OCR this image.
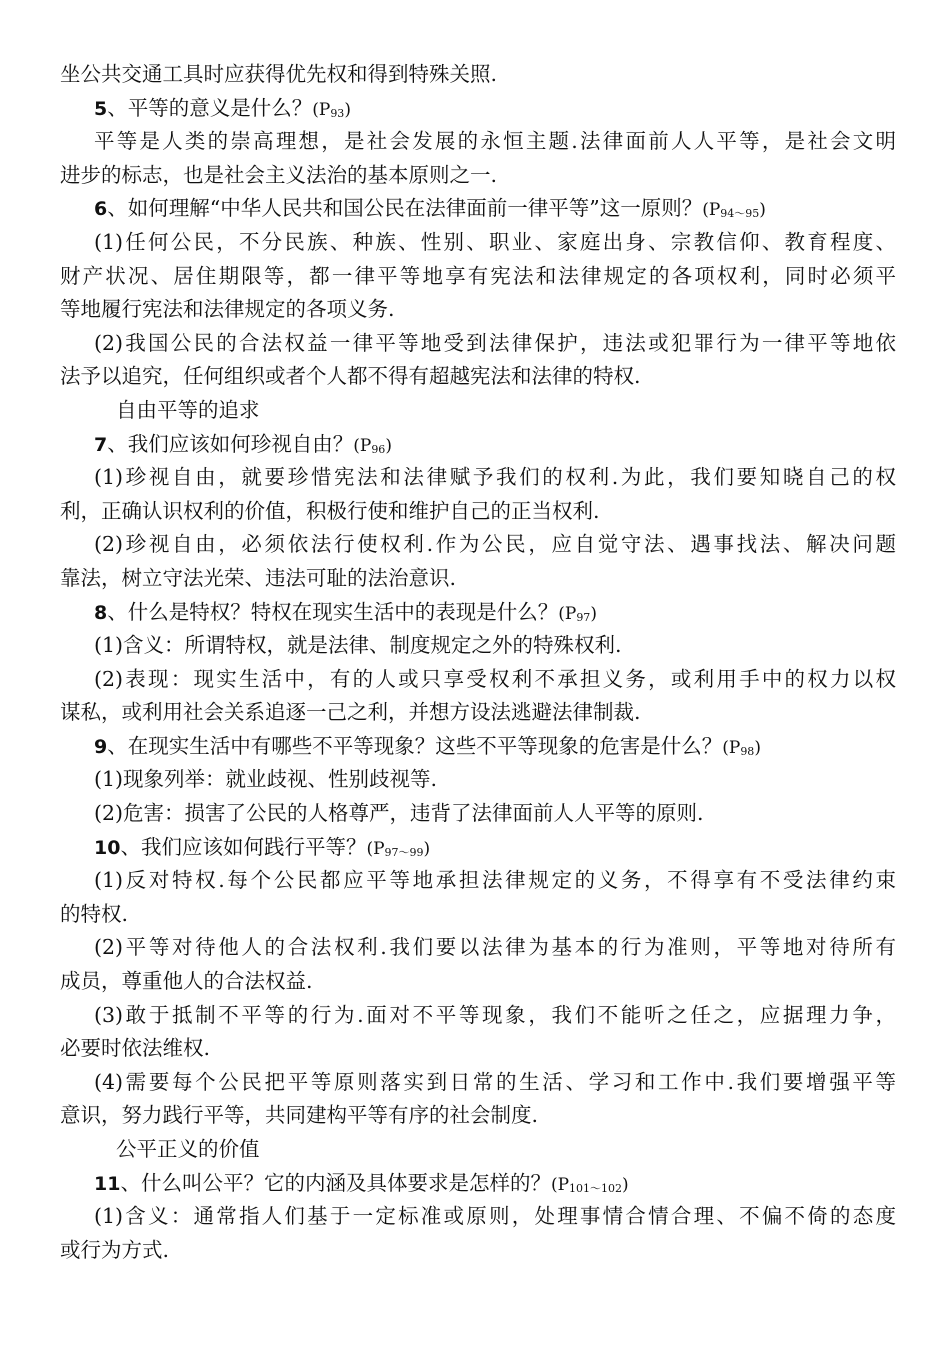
坐公共交通工具时应获得优先权和得到特殊关照.
5、平等的意义是什么？$(P_{93})$
平等是人类的崇高理想，是社会发展的永恒主题.法律面前人人平等，是社会文明
进步的标志，也是社会主义法治的基本原则之一.
6、如何理解“中华人民共和国公民在法律面前一律平等”这一原则？$(P_{94\sim 95})$
(1)任何公民，不分民族、种族、性别、职业、家庭出身、宗教信仰、教育程度、
财产状况、居住期限等，都一律平等地享有宪法和法律规定的各项权利，同时必须平
等地履行宪法和法律规定的各项义务.
(2)我国公民的合法权益一律平等地受到法律保护，违法或犯罪行为一律平等地依
法予以追究，任何组织或者个人都不得有超越宪法和法律的特权.
自由平等的追求
7、我们应该如何珍视自由？$(P_{96})$
(1)珍视自由，就要珍惜宪法和法律赋予我们的权利.为此，我们要知晓自己的权
利，正确认识权利的价值，积极行使和维护自己的正当权利.
(2)珍视自由，必须依法行使权利.作为公民，应自觉守法、遇事找法、解决问题
靠法，树立守法光荣、违法可耻的法治意识.
8、什么是特权？特权在现实生活中的表现是什么？$(P_{97})$
(1)含义：所谓特权，就是法律、制度规定之外的特殊权利.
(2)表现：现实生活中，有的人或只享受权利不承担义务，或利用手中的权力以权
谋私，或利用社会关系追逐一己之利，并想方设法逃避法律制裁.
9、在现实生活中有哪些不平等现象？这些不平等现象的危害是什么？$(P_{98})$
(1)现象列举：就业歧视、性别歧视等.
(2)危害：损害了公民的人格尊严，违背了法律面前人人平等的原则.
10、我们应该如何践行平等？$(P_{97\sim 99})$
(1)反对特权.每个公民都应平等地承担法律规定的义务，不得享有不受法律约束
的特权.
(2)平等对待他人的合法权利.我们要以法律为基本的行为准则，平等地对待所有
成员，尊重他人的合法权益.
(3)敢于抵制不平等的行为.面对不平等现象，我们不能听之任之，应据理力争，
必要时依法维权.
(4)需要每个公民把平等原则落实到日常的生活、学习和工作中.我们要增强平等
意识，努力践行平等，共同建构平等有序的社会制度.
公平正义的价值
11、什么叫公平？它的内涵及具体要求是怎样的？$(P_{101\sim 102})$
(1)含义：通常指人们基于一定标准或原则，处理事情合情合理、不偏不倚的态度
或行为方式.
